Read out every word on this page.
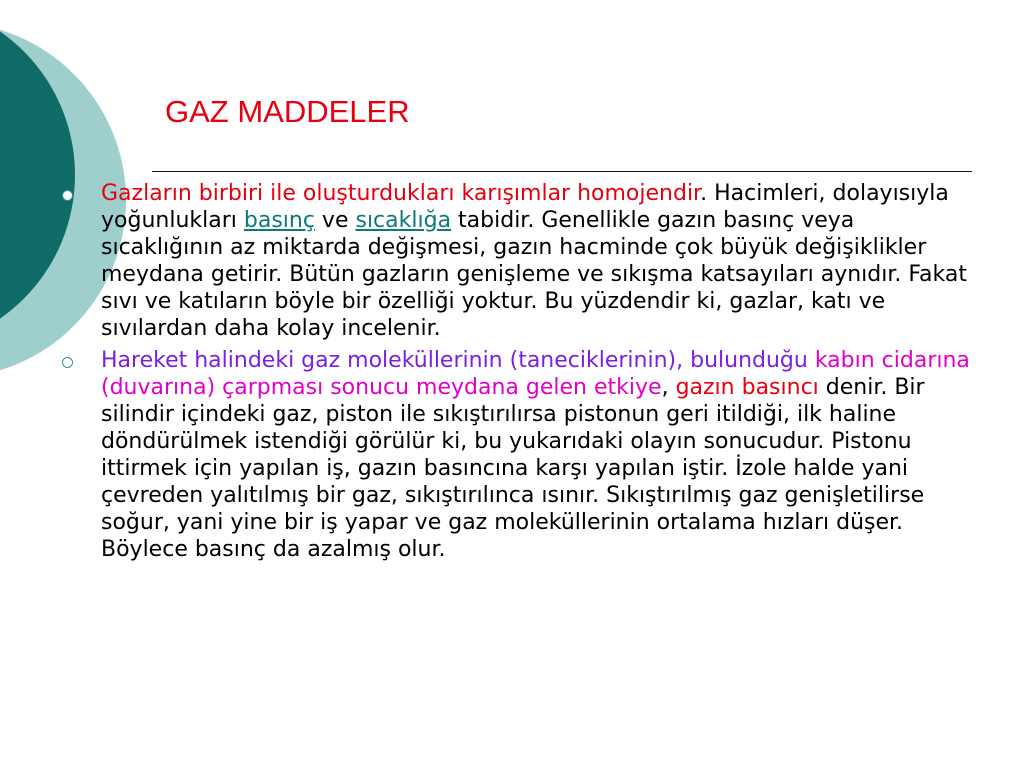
GAZ MADDELER
Gazların birbiri ile oluşturdukları karışımlar homojendir. Hacimleri, dolayısıyla yoğunlukları basınç ve sıcaklığa tabidir. Genellikle gazın basınç veya sıcaklığının az miktarda değişmesi, gazın hacminde çok büyük değişiklikler meydana getirir. Bütün gazların genişleme ve sıkışma katsayıları aynıdır. Fakat sıvı ve katıların böyle bir özelliği yoktur. Bu yüzdendir ki, gazlar, katı ve sıvılardan daha kolay incelenir.
Hareket halindeki gaz moleküllerinin (taneciklerinin), bulunduğu kabın cidarına (duvarına) çarpması sonucu meydana gelen etkiye, gazın basıncı denir. Bir silindir içindeki gaz, piston ile sıkıştırılırsa pistonun geri itildiği, ilk haline döndürülmek istendiği görülür ki, bu yukarıdaki olayın sonucudur. Pistonu ittirmek için yapılan iş, gazın basıncına karşı yapılan iştir. İzole halde yani çevreden yalıtılmış bir gaz, sıkıştırılınca ısınır. Sıkıştırılmış gaz genişletilirse soğur, yani yine bir iş yapar ve gaz moleküllerinin ortalama hızları düşer. Böylece basınç da azalmış olur.
